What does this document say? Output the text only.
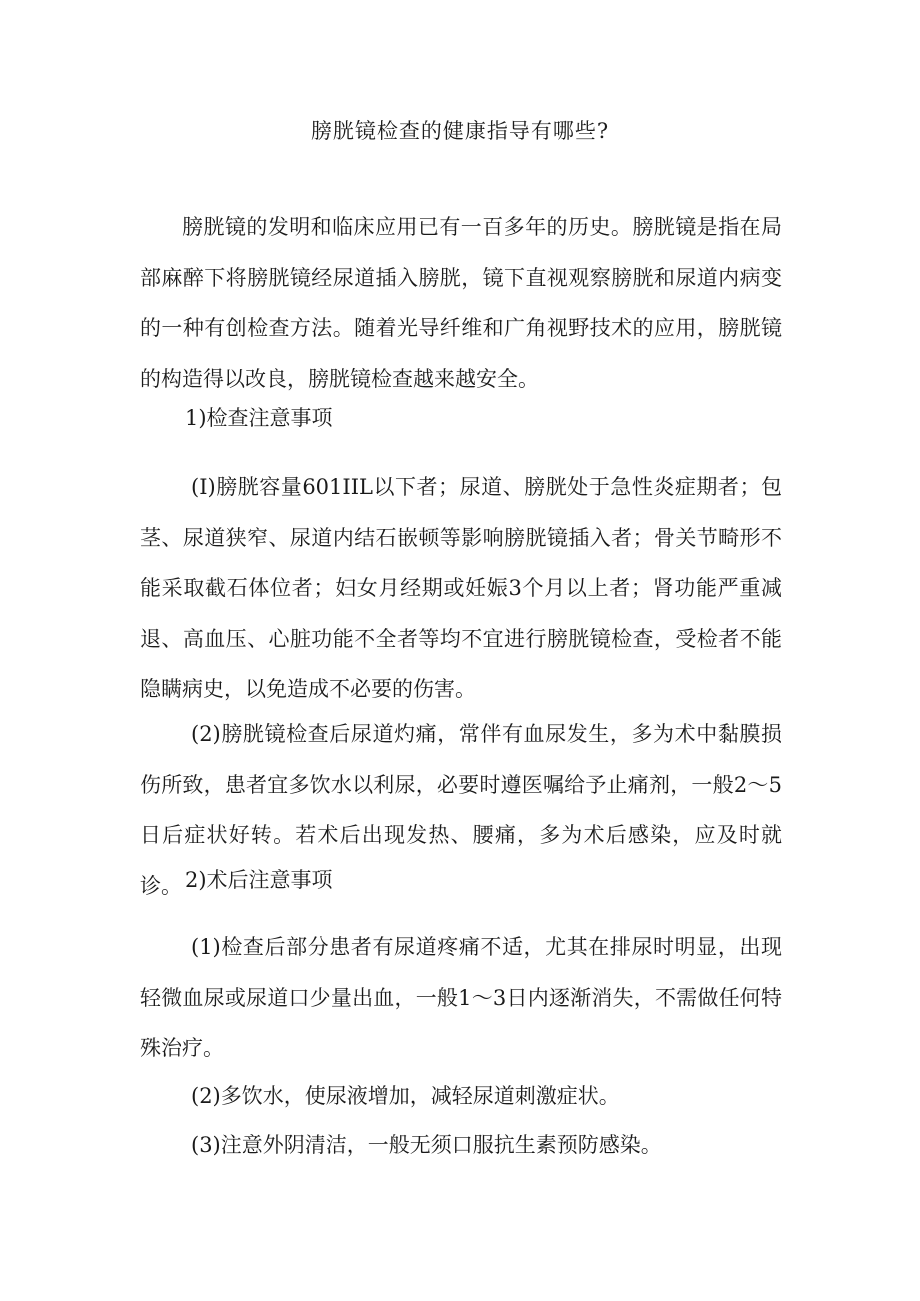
膀胱镜检查的健康指导有哪些?

膀胱镜的发明和临床应用已有一百多年的历史。膀胱镜是指在局部麻醉下将膀胱镜经尿道插入膀胱，镜下直视观察膀胱和尿道内病变的一种有创检查方法。随着光导纤维和广角视野技术的应用，膀胱镜的构造得以改良，膀胱镜检查越来越安全。

1)检查注意事项

(I)膀胱容量601IIL以下者；尿道、膀胱处于急性炎症期者；包茎、尿道狭窄、尿道内结石嵌顿等影响膀胱镜插入者；骨关节畸形不能采取截石体位者；妇女月经期或妊娠3个月以上者；肾功能严重减退、高血压、心脏功能不全者等均不宜进行膀胱镜检查，受检者不能隐瞒病史，以免造成不必要的伤害。

(2)膀胱镜检查后尿道灼痛，常伴有血尿发生，多为术中黏膜损伤所致，患者宜多饮水以利尿，必要时遵医嘱给予止痛剂，一般2～5日后症状好转。若术后出现发热、腰痛，多为术后感染，应及时就诊。 2)术后注意事项

(1)检查后部分患者有尿道疼痛不适，尤其在排尿时明显，出现轻微血尿或尿道口少量出血，一般1～3日内逐渐消失，不需做任何特殊治疗。

(2)多饮水，使尿液增加，减轻尿道刺激症状。

(3)注意外阴清洁，一般无须口服抗生素预防感染。
